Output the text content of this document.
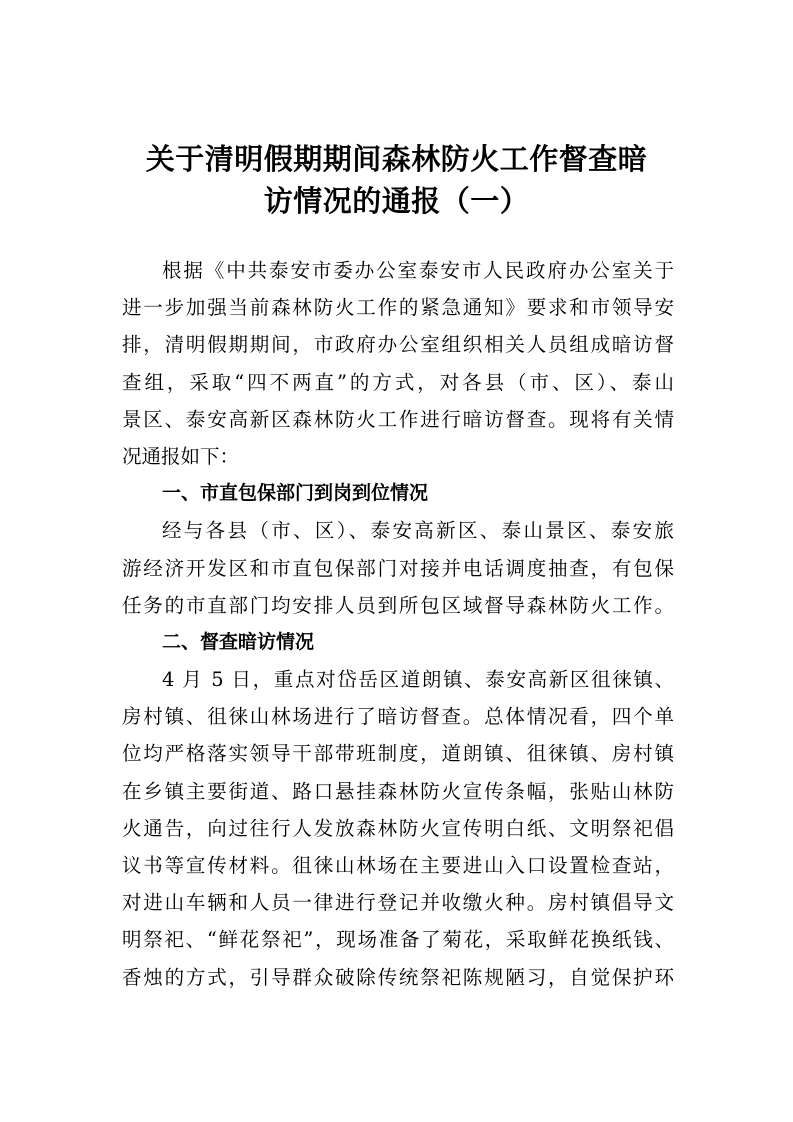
关于清明假期期间森林防火工作督查暗
访情况的通报（一）
根据《中共泰安市委办公室泰安市人民政府办公室关于
进一步加强当前森林防火工作的紧急通知》要求和市领导安
排，清明假期期间，市政府办公室组织相关人员组成暗访督
查组，采取“四不两直”的方式，对各县（市、区）、泰山
景区、泰安高新区森林防火工作进行暗访督查。现将有关情
况通报如下：
一、市直包保部门到岗到位情况
经与各县（市、区）、泰安高新区、泰山景区、泰安旅
游经济开发区和市直包保部门对接并电话调度抽查，有包保
任务的市直部门均安排人员到所包区域督导森林防火工作。
二、督查暗访情况
4 月 5 日，重点对岱岳区道朗镇、泰安高新区徂徕镇、
房村镇、徂徕山林场进行了暗访督查。总体情况看，四个单
位均严格落实领导干部带班制度，道朗镇、徂徕镇、房村镇
在乡镇主要街道、路口悬挂森林防火宣传条幅，张贴山林防
火通告，向过往行人发放森林防火宣传明白纸、文明祭祀倡
议书等宣传材料。徂徕山林场在主要进山入口设置检查站，
对进山车辆和人员一律进行登记并收缴火种。房村镇倡导文
明祭祀、“鲜花祭祀”，现场准备了菊花，采取鲜花换纸钱、
香烛的方式，引导群众破除传统祭祀陈规陋习，自觉保护环
